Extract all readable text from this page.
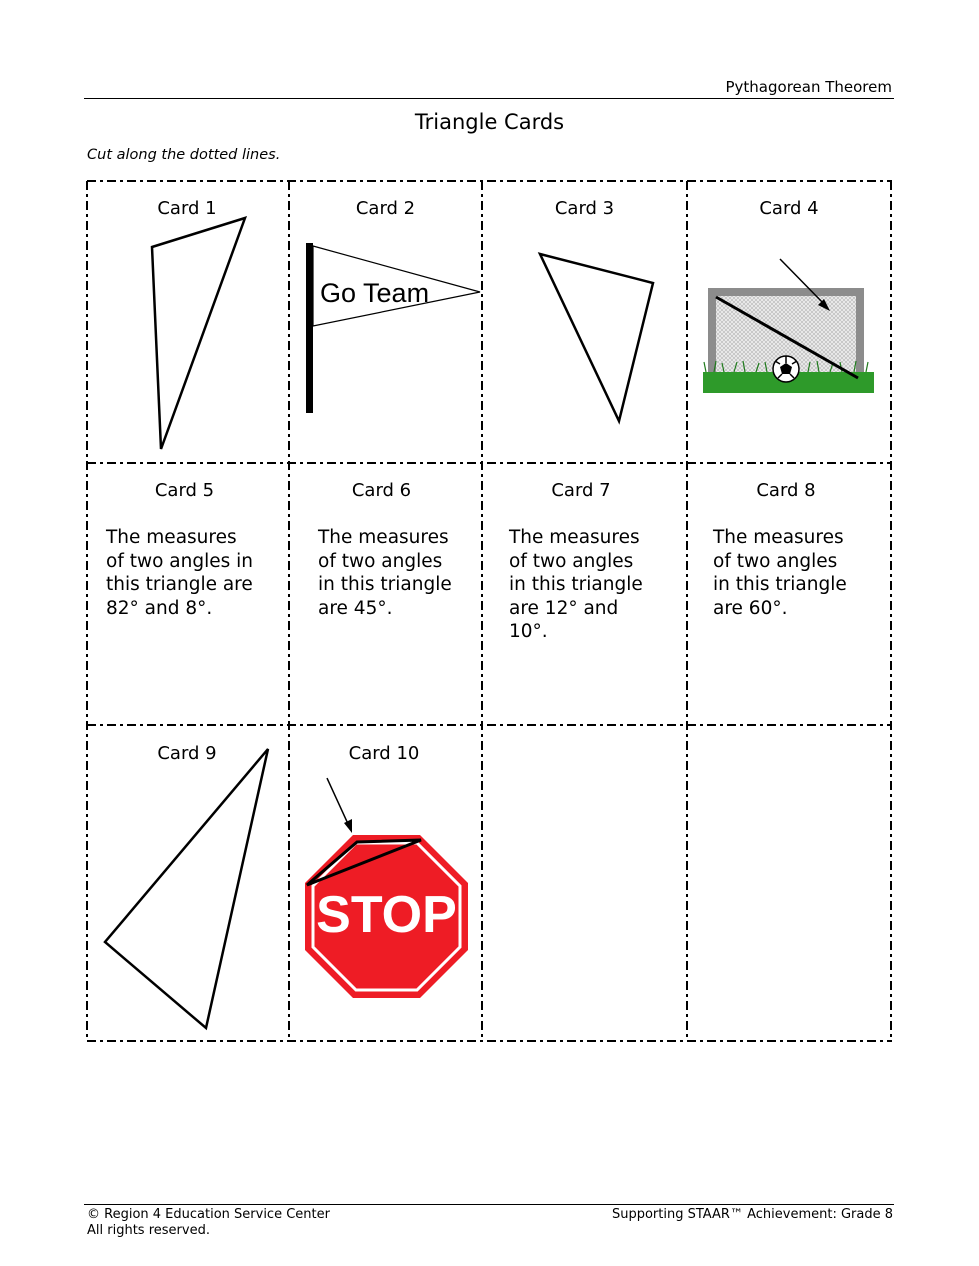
Pythagorean Theorem
Triangle Cards
Cut along the dotted lines.
Card 1	Card 2	Card 3	Card 4
Go Team
Card 5	Card 6	Card 7	Card 8
The measures
of two angles in
this triangle are
82° and 8°.
The measures
of two angles
in this triangle
are 45°.
The measures
of two angles
in this triangle
are 12° and
10°.
The measures
of two angles
in this triangle
are 60°.
Card 9	Card 10
STOP
© Region 4 Education Service Center
All rights reserved.
Supporting STAAR™ Achievement: Grade 8
